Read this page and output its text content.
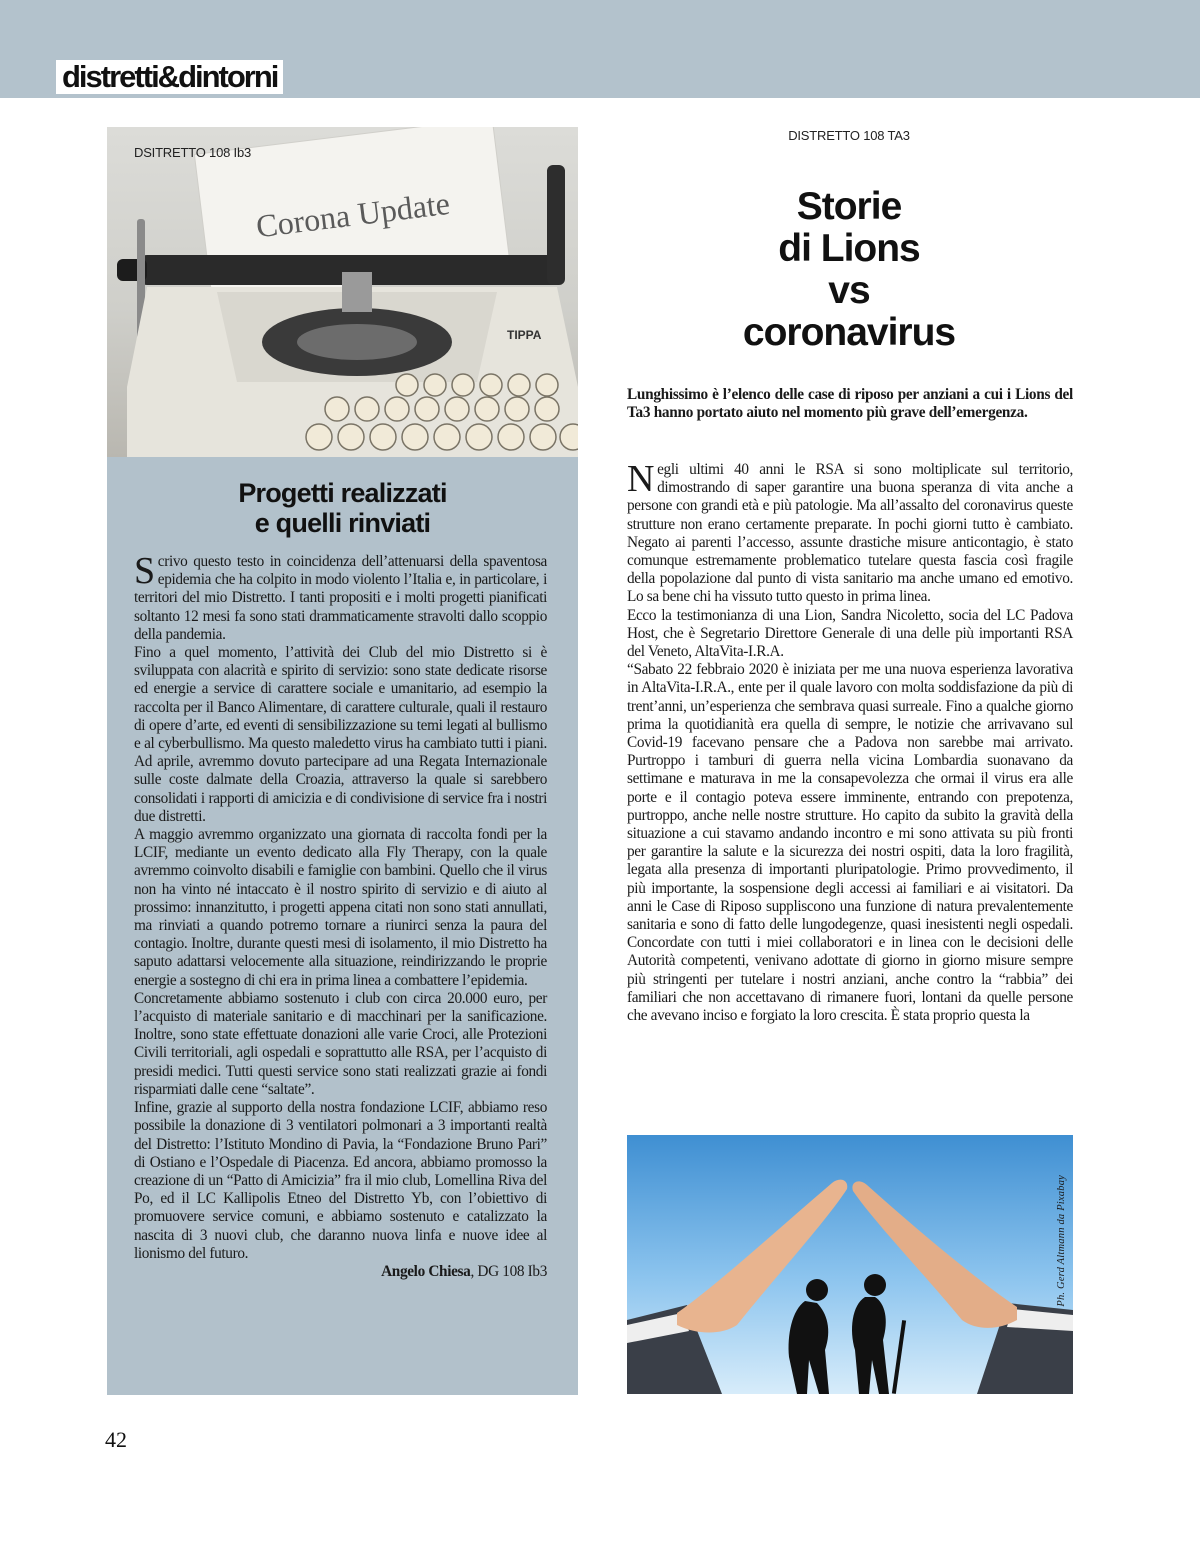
distretti&dintorni
Corona Update
TIPPA
DSITRETTO 108 Ib3
Progetti realizzati
e quelli rinviati

Scrivo questo testo in coincidenza dell’attenuarsi della spaventosa epidemia che ha colpito in modo violento l’Italia e, in particolare, i territori del mio Distretto. I tanti propositi e i molti progetti pianificati soltanto 12 mesi fa sono stati drammaticamente stravolti dallo scoppio della pandemia.

Fino a quel momento, l’attività dei Club del mio Distretto si è sviluppata con alacrità e spirito di servizio: sono state dedicate risorse ed energie a service di carattere sociale e umanitario, ad esempio la raccolta per il Banco Alimentare, di carattere culturale, quali il restauro di opere d’arte, ed eventi di sensibilizzazione su temi legati al bullismo e al cyberbullismo. Ma questo maledetto virus ha cambiato tutti i piani. Ad aprile, avremmo dovuto partecipare ad una Regata Internazionale sulle coste dalmate della Croazia, attraverso la quale si sarebbero consolidati i rapporti di amicizia e di condivisione di service fra i nostri due distretti.

A maggio avremmo organizzato una giornata di raccolta fondi per la LCIF, mediante un evento dedicato alla Fly Therapy, con la quale avremmo coinvolto disabili e famiglie con bambini. Quello che il virus non ha vinto né intaccato è il nostro spirito di servizio e di aiuto al prossimo: innanzitutto, i progetti appena citati non sono stati annullati, ma rinviati a quando potremo tornare a riunirci senza la paura del contagio. Inoltre, durante questi mesi di isolamento, il mio Distretto ha saputo adattarsi velocemente alla situazione, reindirizzando le proprie energie a sostegno di chi era in prima linea a combattere l’epidemia.

Concretamente abbiamo sostenuto i club con circa 20.000 euro, per l’acquisto di materiale sanitario e di macchinari per la sanificazione. Inoltre, sono state effettuate donazioni alle varie Croci, alle Protezioni Civili territoriali, agli ospedali e soprattutto alle RSA, per l’acquisto di presidi medici. Tutti questi service sono stati realizzati grazie ai fondi risparmiati dalle cene “saltate”.

Infine, grazie al supporto della nostra fondazione LCIF, abbiamo reso possibile la donazione di 3 ventilatori polmonari a 3 importanti realtà del Distretto: l’Istituto Mondino di Pavia, la “Fondazione Bruno Pari” di Ostiano e l’Ospedale di Piacenza. Ed ancora, abbiamo promosso la creazione di un “Patto di Amicizia” fra il mio club, Lomellina Riva del Po, ed il LC Kallipolis Etneo del Distretto Yb, con l’obiettivo di promuovere service comuni, e abbiamo sostenuto e catalizzato la nascita di 3 nuovi club, che daranno nuova linfa e nuove idee al lionismo del futuro.

Angelo Chiesa, DG 108 Ib3

DISTRETTO 108 TA3
Storie
di Lions
vs
coronavirus
Lunghissimo è l’elenco delle case di riposo per anziani a cui i Lions del Ta3 hanno portato aiuto nel momento più grave dell’emergenza.

Negli ultimi 40 anni le RSA si sono moltiplicate sul territorio, dimostrando di saper garantire una buona speranza di vita anche a persone con grandi età e più patologie. Ma all’assalto del coronavirus queste strutture non erano certamente preparate. In pochi giorni tutto è cambiato. Negato ai parenti l’accesso, assunte drastiche misure anticontagio, è stato comunque estremamente problematico tutelare questa fascia così fragile della popolazione dal punto di vista sanitario ma anche umano ed emotivo. Lo sa bene chi ha vissuto tutto questo in prima linea.

Ecco la testimonianza di una Lion, Sandra Nicoletto, socia del LC Padova Host, che è Segretario Direttore Generale di una delle più importanti RSA del Veneto, AltaVita-I.R.A.

“Sabato 22 febbraio 2020 è iniziata per me una nuova esperienza lavorativa in AltaVita-I.R.A., ente per il quale lavoro con molta soddisfazione da più di trent’anni, un’esperienza che sembrava quasi surreale. Fino a qualche giorno prima la quotidianità era quella di sempre, le notizie che arrivavano sul Covid-19 facevano pensare che a Padova non sarebbe mai arrivato. Purtroppo i tamburi di guerra nella vicina Lombardia suonavano da settimane e maturava in me la consapevolezza che ormai il virus era alle porte e il contagio poteva essere imminente, entrando con prepotenza, purtroppo, anche nelle nostre strutture. Ho capito da subito la gravità della situazione a cui stavamo andando incontro e mi sono attivata su più fronti per garantire la salute e la sicurezza dei nostri ospiti, data la loro fragilità, legata alla presenza di importanti pluripatologie. Primo provvedimento, il più importante, la sospensione degli accessi ai familiari e ai visitatori. Da anni le Case di Riposo suppliscono una funzione di natura prevalentemente sanitaria e sono di fatto delle lungodegenze, quasi inesistenti negli ospedali. Concordate con tutti i miei collaboratori e in linea con le decisioni delle Autorità competenti, venivano adottate di giorno in giorno misure sempre più stringenti per tutelare i nostri anziani, anche contro la “rabbia” dei familiari che non accettavano di rimanere fuori, lontani da quelle persone che avevano inciso e forgiato la loro crescita. È stata proprio questa la

Ph. Gerd Altmann da Pixabay
42
